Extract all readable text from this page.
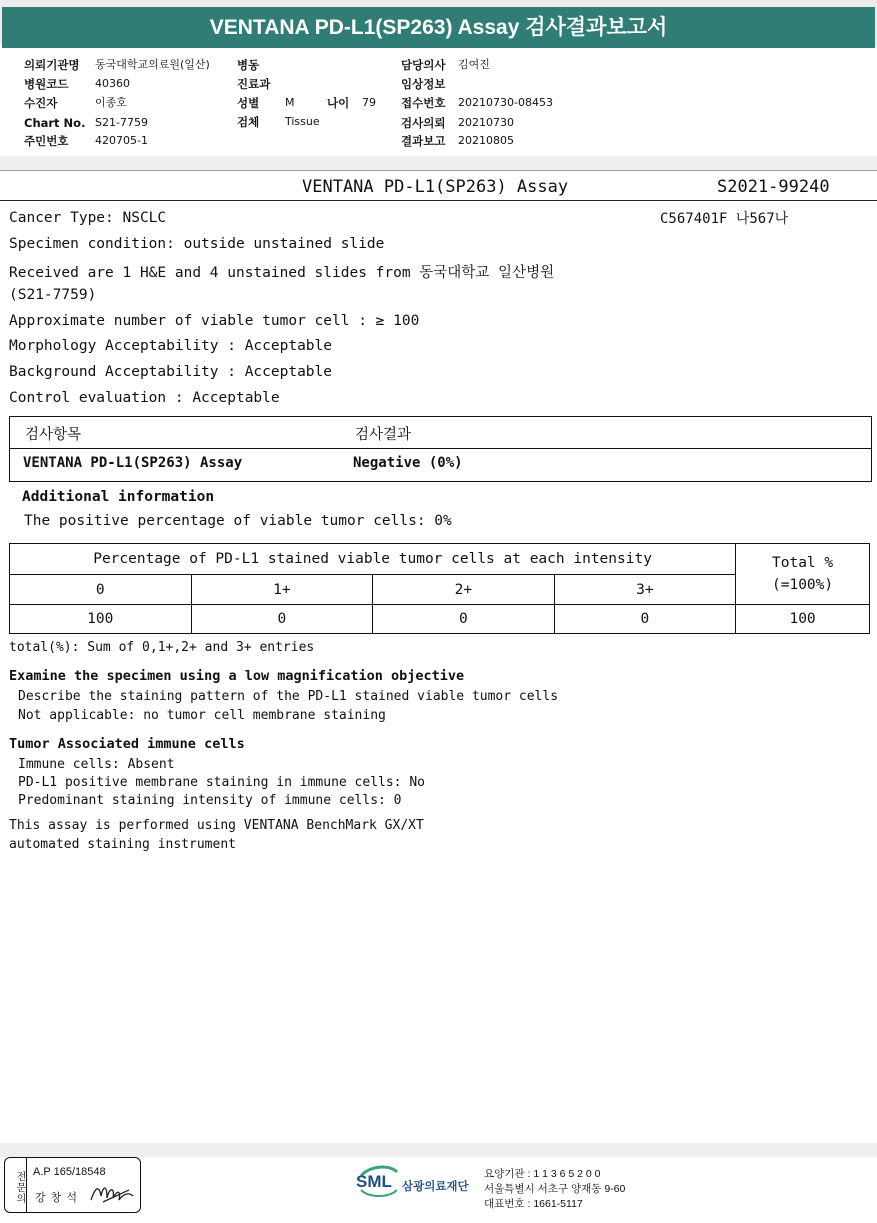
VENTANA PD-L1(SP263) Assay 검사결과보고서
의뢰기관명 동국대학교의료원(일산)
병원코드 40360
수진자	이종호
Chart No. S21-7759
주민번호 420705-1
병동
진료과
성별 M	나이 79
검체 Tissue
담당의사 김여진
임상정보
접수번호 20210730-08453
검사의뢰 20210730
결과보고 20210805
VENTANA PD-L1(SP263) Assay	S2021-99240
C567401F 나567나
Cancer Type: NSCLC
Specimen condition: outside unstained slide
Received are 1 H&E and 4 unstained slides from 동국대학교 일산병원
(S21-7759)
Approximate number of viable tumor cell : ≥ 100
Morphology Acceptability : Acceptable
Background Acceptability : Acceptable
Control evaluation : Acceptable
검사항목	검사결과
VENTANA PD-L1(SP263) Assay	Negative (0%)
Additional information
The positive percentage of viable tumor cells: 0%
Percentage of PD-L1 stained viable tumor cells at each intensity				Total %
(=100%)
0	1+	2+	3+	
100	0	0	0	100
total(%): Sum of 0,1+,2+ and 3+ entries
Examine the specimen using a low magnification objective
Describe the staining pattern of the PD-L1 stained viable tumor cells
Not applicable: no tumor cell membrane staining
Tumor Associated immune cells
Immune cells: Absent
PD-L1 positive membrane staining in immune cells: No
Predominant staining intensity of immune cells: 0
This assay is performed using VENTANA BenchMark GX/XT
automated staining instrument
전문의 A.P 165/18548
강 창 석
SML 삼광의료재단
요양기관 : 1 1 3 6 5 2 0 0
서울특별시 서초구 양재동 9-60
대표번호 : 1661-5117
